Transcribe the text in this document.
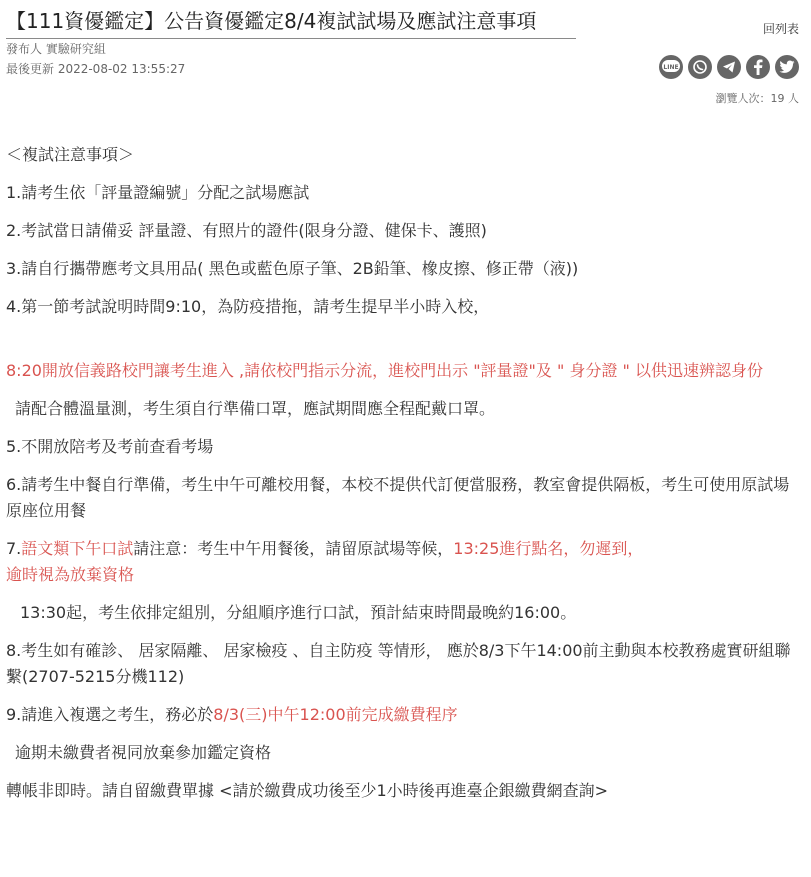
【111資優鑑定】公告資優鑑定8/4複試試場及應試注意事項	回列表
發布人 實驗研究組
最後更新 2022-08-02 13:55:27	LINE
瀏覽人次：19 人

＜複試注意事項＞

1.請考生依「評量證編號」分配之試場應試

2.考試當日請備妥 評量證、有照片的證件(限身分證、健保卡、護照)

3.請自行攜帶應考文具用品( 黑色或藍色原子筆、2B鉛筆、橡皮擦、修正帶（液))

4.第一節考試說明時間9:10，為防疫措拖，請考生提早半小時入校，

8:20開放信義路校門讓考生進入 ,請依校門指示分流，進校門出示 "評量證"及 " 身分證 " 以供迅速辨認身份

請配合體溫量測，考生須自行準備口罩，應試期間應全程配戴口罩。

5.不開放陪考及考前查看考場

6.請考生中餐自行準備，考生中午可離校用餐，本校不提供代訂便當服務，教室會提供隔板，考生可使用原試場原座位用餐

7.語文類下午口試請注意：考生中午用餐後，請留原試場等候，13:25進行點名，勿遲到，
逾時視為放棄資格

13:30起，考生依排定組別，分組順序進行口試，預計結束時間最晚約16:00。

8.考生如有確診、 居家隔離、 居家檢疫 、自主防疫 等情形， 應於8/3下午14:00前主動與本校教務處實研組聯繫(2707-5215分機112)

9.請進入複選之考生，務必於8/3(三)中午12:00前完成繳費程序

逾期未繳費者視同放棄參加鑑定資格

轉帳非即時。請自留繳費單據 <請於繳費成功後至少1小時後再進臺企銀繳費網查詢>
